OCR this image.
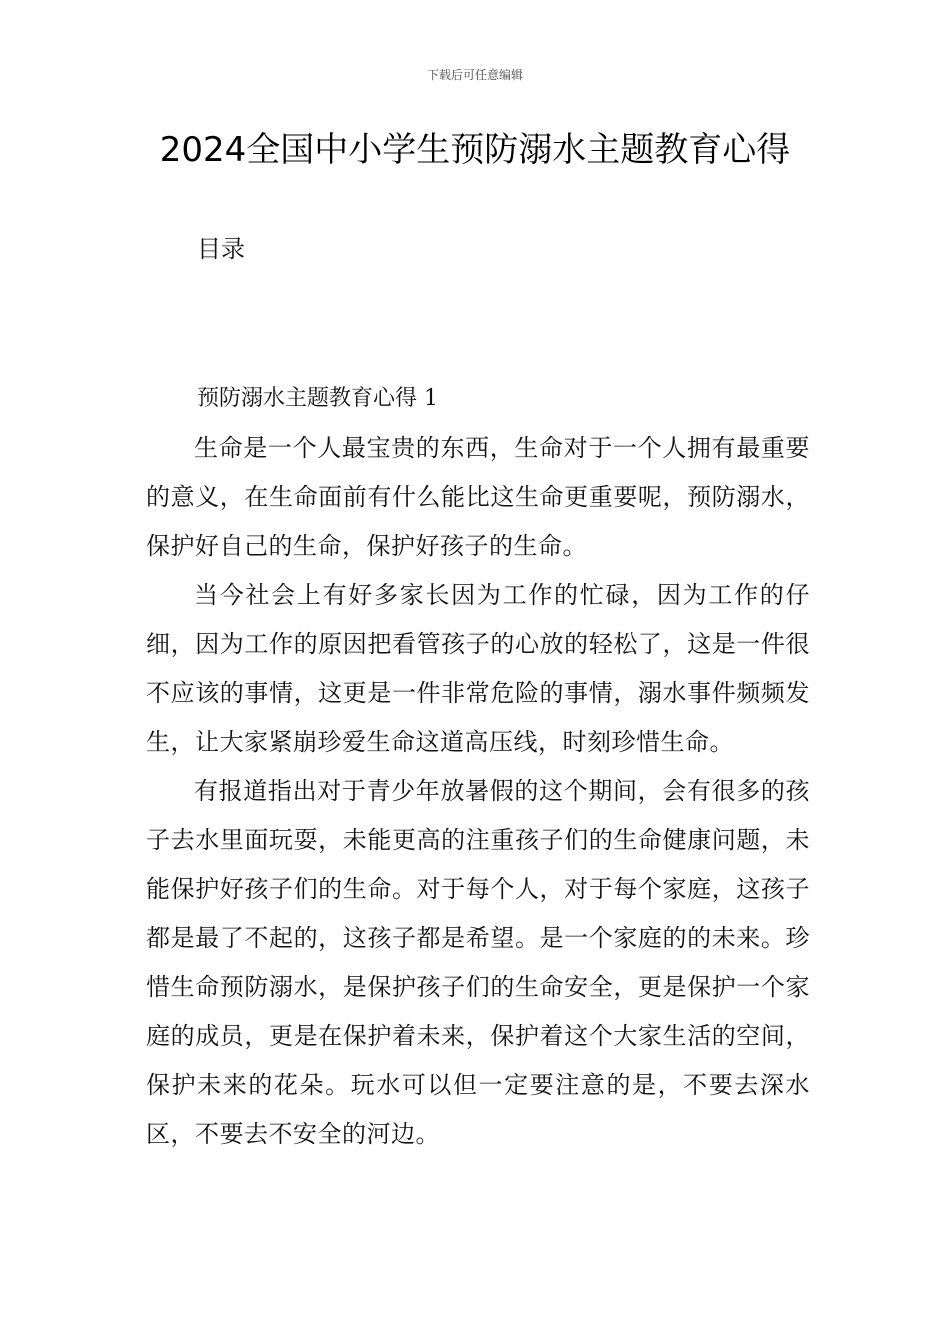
下载后可任意编辑
2024全国中小学生预防溺水主题教育心得
目录
预防溺水主题教育心得 1

生命是一个人最宝贵的东西，生命对于一个人拥有最重要的意义，在生命面前有什么能比这生命更重要呢，预防溺水，保护好自己的生命，保护好孩子的生命。

当今社会上有好多家长因为工作的忙碌，因为工作的仔细，因为工作的原因把看管孩子的心放的轻松了，这是一件很不应该的事情，这更是一件非常危险的事情，溺水事件频频发生，让大家紧崩珍爱生命这道高压线，时刻珍惜生命。

有报道指出对于青少年放暑假的这个期间，会有很多的孩子去水里面玩耍，未能更高的注重孩子们的生命健康问题，未能保护好孩子们的生命。对于每个人，对于每个家庭，这孩子都是最了不起的，这孩子都是希望。是一个家庭的的未来。珍惜生命预防溺水，是保护孩子们的生命安全，更是保护一个家庭的成员，更是在保护着未来，保护着这个大家生活的空间，保护未来的花朵。玩水可以但一定要注意的是，不要去深水区，不要去不安全的河边。
